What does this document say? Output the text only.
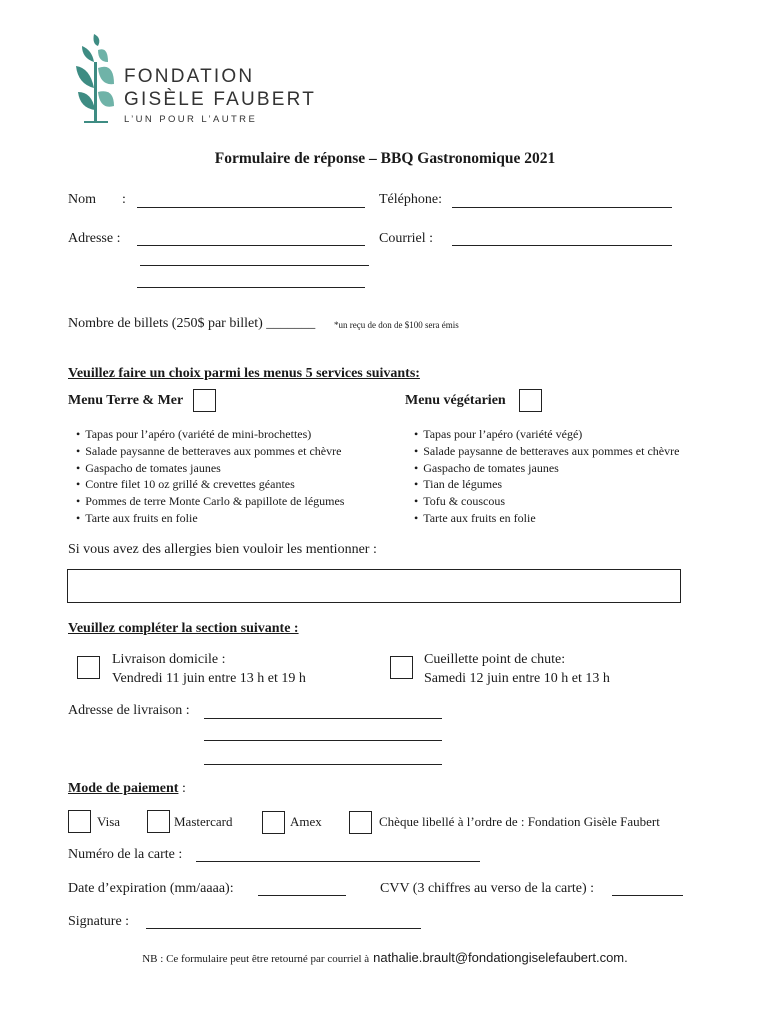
FONDATION
GISÈLE FAUBERT
L’UN POUR L’AUTRE
Formulaire de réponse – BBQ Gastronomique 2021
Nom :	Téléphone:
Adresse :	Courriel :
Nombre de billets (250$ par billet) _______ *un reçu de don de $100 sera émis
Veuillez faire un choix parmi les menus 5 services suivants:
Menu Terre & Mer	Menu végétarien
• Tapas pour l’apéro (variété de mini-brochettes)
• Salade paysanne de betteraves aux pommes et chèvre
• Gaspacho de tomates jaunes
• Contre filet 10 oz grillé & crevettes géantes
• Pommes de terre Monte Carlo & papillote de légumes
• Tarte aux fruits en folie
• Tapas pour l’apéro (variété végé)
• Salade paysanne de betteraves aux pommes et chèvre
• Gaspacho de tomates jaunes
• Tian de légumes
• Tofu & couscous
• Tarte aux fruits en folie
Si vous avez des allergies bien vouloir les mentionner :
Veuillez compléter la section suivante :
Livraison domicile :
Vendredi 11 juin entre 13 h et 19 h
Cueillette point de chute:
Samedi 12 juin entre 10 h et 13 h
Adresse de livraison :
Mode de paiement :
Visa	Mastercard	Amex	Chèque libellé à l’ordre de : Fondation Gisèle Faubert
Numéro de la carte :
Date d’expiration (mm/aaaa):	CVV (3 chiffres au verso de la carte) :
Signature :
NB : Ce formulaire peut être retourné par courriel à nathalie.brault@fondationgiselefaubert.com.
